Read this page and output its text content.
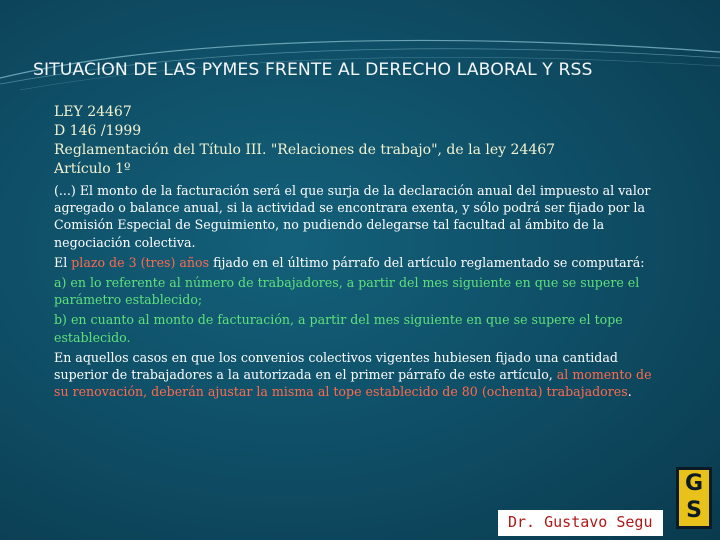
SITUACION DE LAS PYMES FRENTE AL DERECHO LABORAL Y RSS
LEY 24467
D 146 /1999
Reglamentación del Título III. "Relaciones de trabajo", de la ley 24467
Artículo 1º

(...) El monto de la facturación será el que surja de la declaración anual del impuesto al valor agregado o balance anual, si la actividad se encontrara exenta, y sólo podrá ser fijado por la Comisión Especial de Seguimiento, no pudiendo delegarse tal facultad al ámbito de la negociación colectiva.

El plazo de 3 (tres) años fijado en el último párrafo del artículo reglamentado se computará:

a) en lo referente al número de trabajadores, a partir del mes siguiente en que se supere el parámetro establecido;

b) en cuanto al monto de facturación, a partir del mes siguiente en que se supere el tope establecido.

En aquellos casos en que los convenios colectivos vigentes hubiesen fijado una cantidad superior de trabajadores a la autorizada en el primer párrafo de este artículo, al momento de su renovación, deberán ajustar la misma al tope establecido de 80 (ochenta) trabajadores.

Dr. Gustavo Segu
G
S
